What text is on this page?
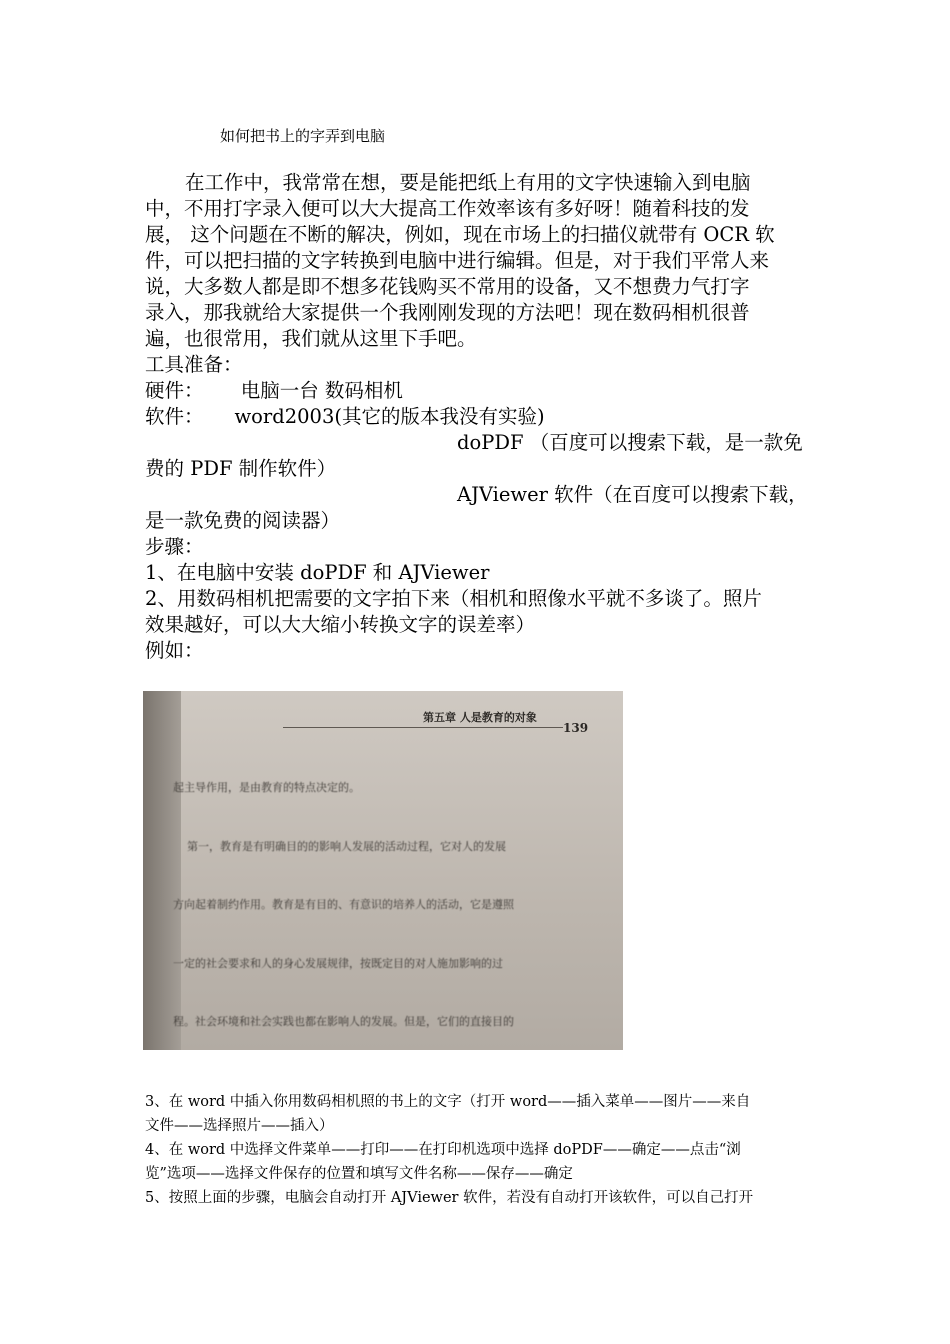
如何把书上的字弄到电脑
在工作中，我常常在想，要是能把纸上有用的文字快速输入到电脑
中，不用打字录入便可以大大提高工作效率该有多好呀！随着科技的发
展， 这个问题在不断的解决，例如，现在市场上的扫描仪就带有 OCR 软
件，可以把扫描的文字转换到电脑中进行编辑。但是，对于我们平常人来
说，大多数人都是即不想多花钱购买不常用的设备，又不想费力气打字
录入，那我就给大家提供一个我刚刚发现的方法吧！现在数码相机很普
遍，也很常用，我们就从这里下手吧。
工具准备：
硬件：      电脑一台 数码相机
软件：     word2003(其它的版本我没有实验)
doPDF （百度可以搜索下载，是一款免
费的 PDF 制作软件）
AJViewer 软件（在百度可以搜索下载，
是一款免费的阅读器）
步骤：
1、在电脑中安装 doPDF 和 AJViewer
2、用数码相机把需要的文字拍下来（相机和照像水平就不多谈了。照片
效果越好，可以大大缩小转换文字的误差率）
例如：
第五章 人是教育的对象
139

起主导作用，是由教育的特点决定的。

第一，教育是有明确目的的影响人发展的活动过程，它对人的发展

方向起着制约作用。教育是有目的、有意识的培养人的活动，它是遵照

一定的社会要求和人的身心发展规律，按既定目的对人施加影响的过

程。社会环境和社会实践也都在影响人的发展。但是，它们的直接目的

3、在 word 中插入你用数码相机照的书上的文字（打开 word——插入菜单——图片——来自
文件——选择照片——插入）
4、在 word 中选择文件菜单——打印——在打印机选项中选择 doPDF——确定——点击“浏
览”选项——选择文件保存的位置和填写文件名称——保存——确定
5、按照上面的步骤，电脑会自动打开 AJViewer 软件，若没有自动打开该软件，可以自己打开
